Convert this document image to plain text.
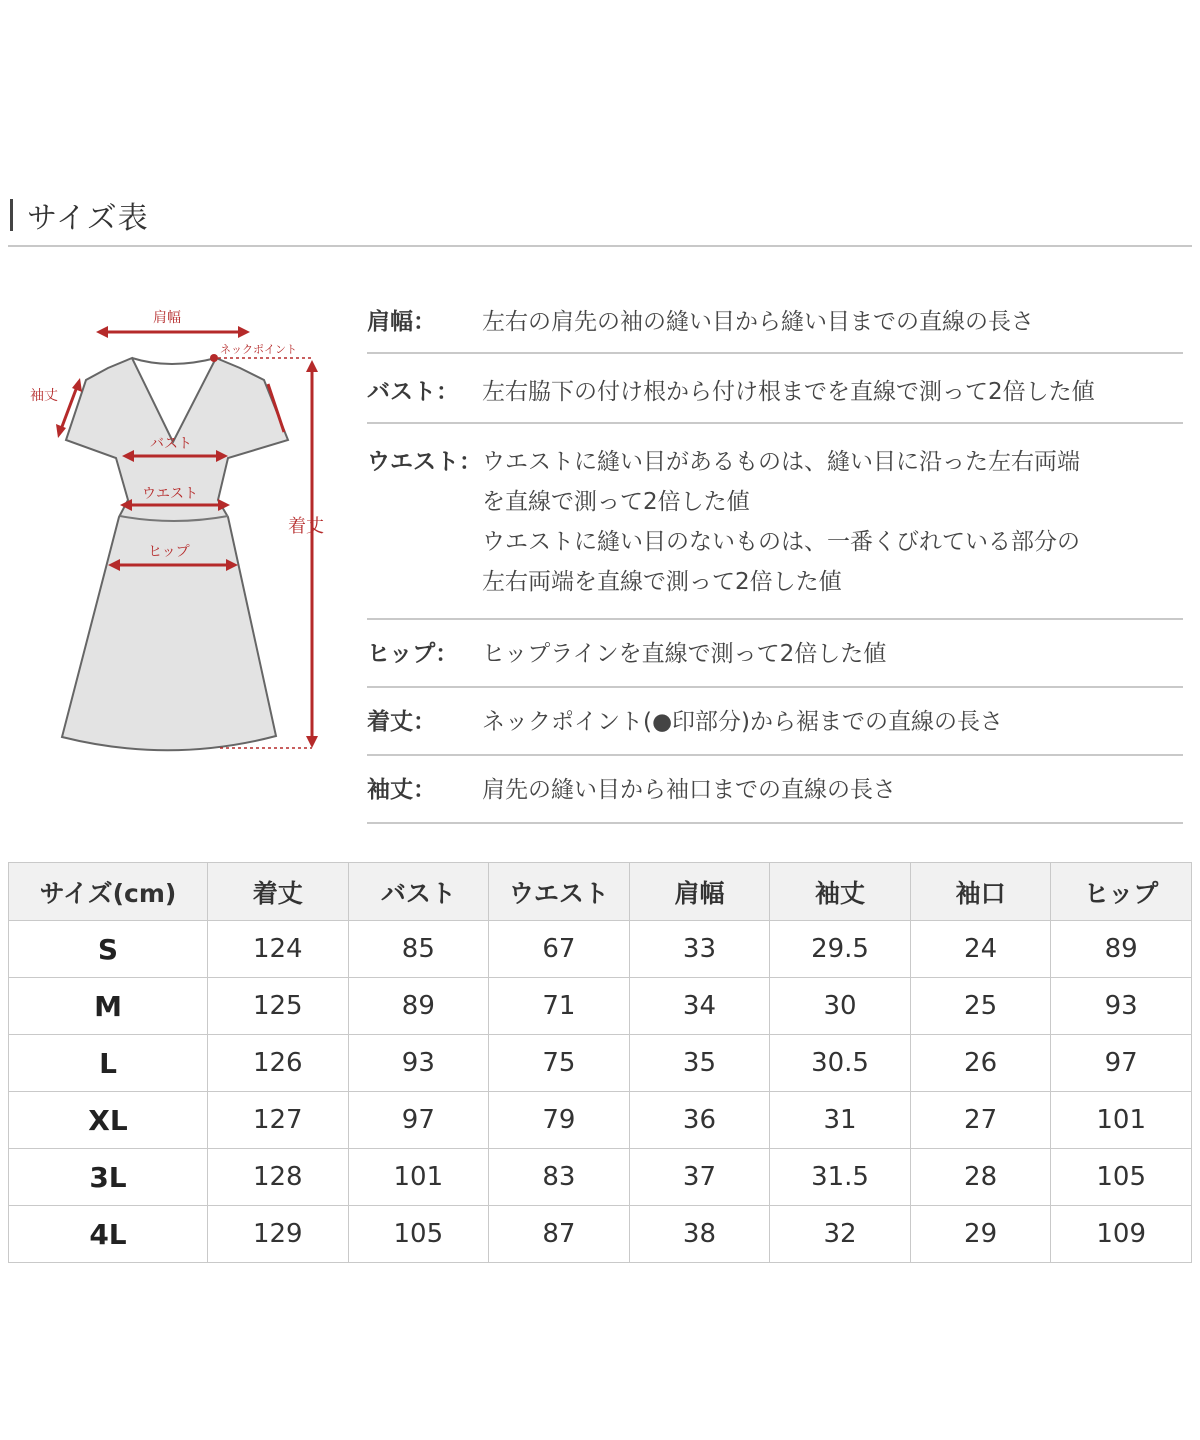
サイズ表
肩幅
ネックポイント
袖丈
バスト
ウエスト
ヒップ
着丈
肩幅：	左右の肩先の袖の縫い目から縫い目までの直線の長さ
バスト：	左右脇下の付け根から付け根までを直線で測って2倍した値
ウエスト： ウエストに縫い目があるものは、縫い目に沿った左右両端
を直線で測って2倍した値
ウエストに縫い目のないものは、一番くびれている部分の
左右両端を直線で測って2倍した値
ヒップ：	ヒップラインを直線で測って2倍した値
着丈：	ネックポイント(●印部分)から裾までの直線の長さ
袖丈：	肩先の縫い目から袖口までの直線の長さ
サイズ(cm)	着丈	バスト	ウエスト	肩幅	袖丈	袖口	ヒップ
S	124	85	67	33	29.5	24	89
M	125	89	71	34	30	25	93
L	126	93	75	35	30.5	26	97
XL	127	97	79	36	31	27	101
3L	128	101	83	37	31.5	28	105
4L	129	105	87	38	32	29	109
